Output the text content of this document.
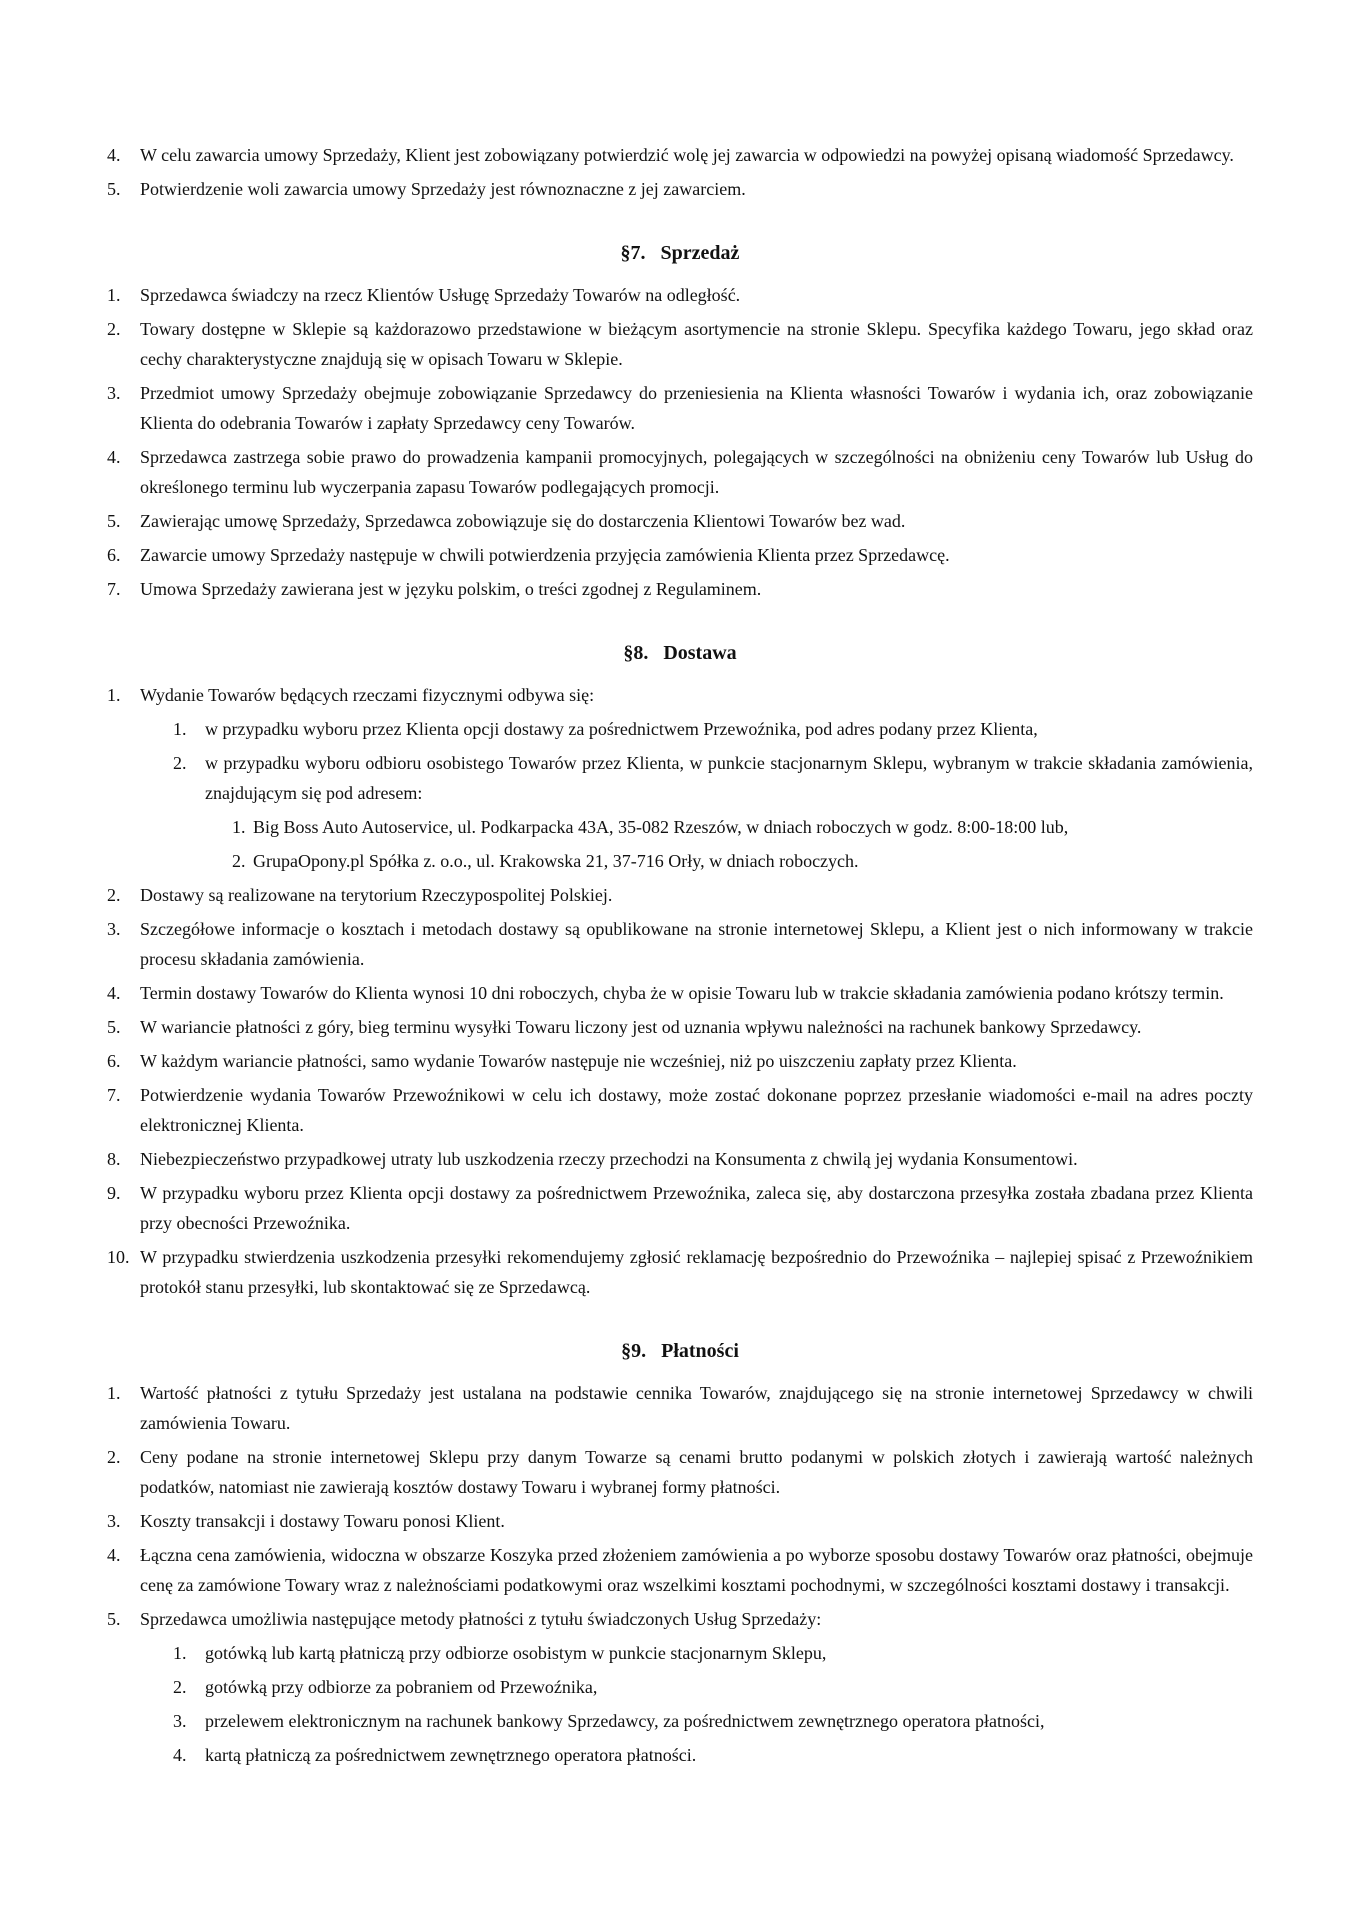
4. W celu zawarcia umowy Sprzedaży, Klient jest zobowiązany potwierdzić wolę jej zawarcia w odpowiedzi na powyżej opisaną wiadomość Sprzedawcy.
5. Potwierdzenie woli zawarcia umowy Sprzedaży jest równoznaczne z jej zawarciem.
§7. Sprzedaż
1. Sprzedawca świadczy na rzecz Klientów Usługę Sprzedaży Towarów na odległość.
2. Towary dostępne w Sklepie są każdorazowo przedstawione w bieżącym asortymencie na stronie Sklepu. Specyfika każdego Towaru, jego skład oraz cechy charakterystyczne znajdują się w opisach Towaru w Sklepie.
3. Przedmiot umowy Sprzedaży obejmuje zobowiązanie Sprzedawcy do przeniesienia na Klienta własności Towarów i wydania ich, oraz zobowiązanie Klienta do odebrania Towarów i zapłaty Sprzedawcy ceny Towarów.
4. Sprzedawca zastrzega sobie prawo do prowadzenia kampanii promocyjnych, polegających w szczególności na obniżeniu ceny Towarów lub Usług do określonego terminu lub wyczerpania zapasu Towarów podlegających promocji.
5. Zawierając umowę Sprzedaży, Sprzedawca zobowiązuje się do dostarczenia Klientowi Towarów bez wad.
6. Zawarcie umowy Sprzedaży następuje w chwili potwierdzenia przyjęcia zamówienia Klienta przez Sprzedawcę.
7. Umowa Sprzedaży zawierana jest w języku polskim, o treści zgodnej z Regulaminem.
§8. Dostawa
1. Wydanie Towarów będących rzeczami fizycznymi odbywa się:
1. w przypadku wyboru przez Klienta opcji dostawy za pośrednictwem Przewoźnika, pod adres podany przez Klienta,
2. w przypadku wyboru odbioru osobistego Towarów przez Klienta, w punkcie stacjonarnym Sklepu, wybranym w trakcie składania zamówienia, znajdującym się pod adresem:
1. Big Boss Auto Autoservice, ul. Podkarpacka 43A, 35-082 Rzeszów, w dniach roboczych w godz. 8:00-18:00 lub,
2. GrupaOpony.pl Spółka z. o.o., ul. Krakowska 21, 37-716 Orły, w dniach roboczych.
2. Dostawy są realizowane na terytorium Rzeczypospolitej Polskiej.
3. Szczegółowe informacje o kosztach i metodach dostawy są opublikowane na stronie internetowej Sklepu, a Klient jest o nich informowany w trakcie procesu składania zamówienia.
4. Termin dostawy Towarów do Klienta wynosi 10 dni roboczych, chyba że w opisie Towaru lub w trakcie składania zamówienia podano krótszy termin.
5. W wariancie płatności z góry, bieg terminu wysyłki Towaru liczony jest od uznania wpływu należności na rachunek bankowy Sprzedawcy.
6. W każdym wariancie płatności, samo wydanie Towarów następuje nie wcześniej, niż po uiszczeniu zapłaty przez Klienta.
7. Potwierdzenie wydania Towarów Przewoźnikowi w celu ich dostawy, może zostać dokonane poprzez przesłanie wiadomości e-mail na adres poczty elektronicznej Klienta.
8. Niebezpieczeństwo przypadkowej utraty lub uszkodzenia rzeczy przechodzi na Konsumenta z chwilą jej wydania Konsumentowi.
9. W przypadku wyboru przez Klienta opcji dostawy za pośrednictwem Przewoźnika, zaleca się, aby dostarczona przesyłka została zbadana przez Klienta przy obecności Przewoźnika.
10. W przypadku stwierdzenia uszkodzenia przesyłki rekomendujemy zgłosić reklamację bezpośrednio do Przewoźnika – najlepiej spisać z Przewoźnikiem protokół stanu przesyłki, lub skontaktować się ze Sprzedawcą.
§9. Płatności
1. Wartość płatności z tytułu Sprzedaży jest ustalana na podstawie cennika Towarów, znajdującego się na stronie internetowej Sprzedawcy w chwili zamówienia Towaru.
2. Ceny podane na stronie internetowej Sklepu przy danym Towarze są cenami brutto podanymi w polskich złotych i zawierają wartość należnych podatków, natomiast nie zawierają kosztów dostawy Towaru i wybranej formy płatności.
3. Koszty transakcji i dostawy Towaru ponosi Klient.
4. Łączna cena zamówienia, widoczna w obszarze Koszyka przed złożeniem zamówienia a po wyborze sposobu dostawy Towarów oraz płatności, obejmuje cenę za zamówione Towary wraz z należnościami podatkowymi oraz wszelkimi kosztami pochodnymi, w szczególności kosztami dostawy i transakcji.
5. Sprzedawca umożliwia następujące metody płatności z tytułu świadczonych Usług Sprzedaży:
1. gotówką lub kartą płatniczą przy odbiorze osobistym w punkcie stacjonarnym Sklepu,
2. gotówką przy odbiorze za pobraniem od Przewoźnika,
3. przelewem elektronicznym na rachunek bankowy Sprzedawcy, za pośrednictwem zewnętrznego operatora płatności,
4. kartą płatniczą za pośrednictwem zewnętrznego operatora płatności.
